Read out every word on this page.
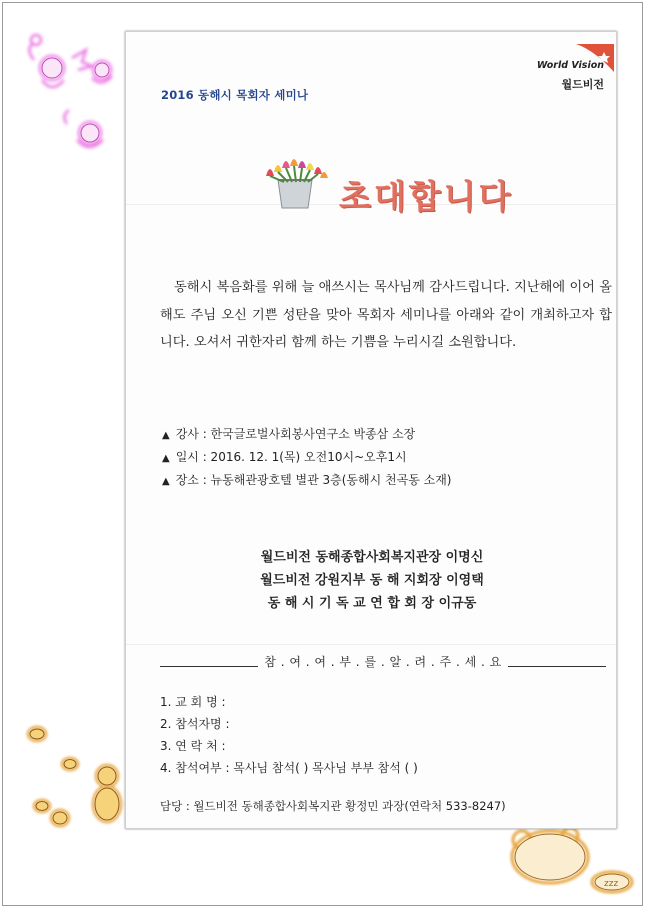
zzz
2016 동해시 목회자 세미나
World Vision
월드비전
초대합니다
동해시 복음화를 위해 늘 애쓰시는 목사님께 감사드립니다. 지난해에 이어 올해도 주님 오신 기쁜 성탄을 맞아 목회자 세미나를 아래와 같이 개최하고자 합니다. 오셔서 귀한자리 함께 하는 기쁨을 누리시길 소원합니다.
▲ 강사 : 한국글로벌사회봉사연구소 박종삼 소장
▲ 일시 : 2016. 12. 1(목) 오전10시~오후1시
▲ 장소 : 뉴동해관광호텔 별관 3층(동해시 천곡동 소재)
월드비전 동해종합사회복지관장 이명신
월드비전 강원지부 동 해 지회장 이영택
동 해 시 기 독 교 연 합 회 장 이규동
참 . 여 . 여 . 부 . 를 . 알 . 려 . 주 . 세 . 요
1. 교 회 명 :
2. 참석자명 :
3. 연 락 처 :
4. 참석여부 : 목사님 참석( ) 목사님 부부 참석 ( )
담당 : 월드비전 동해종합사회복지관 황정민 과장(연락처 533-8247)
